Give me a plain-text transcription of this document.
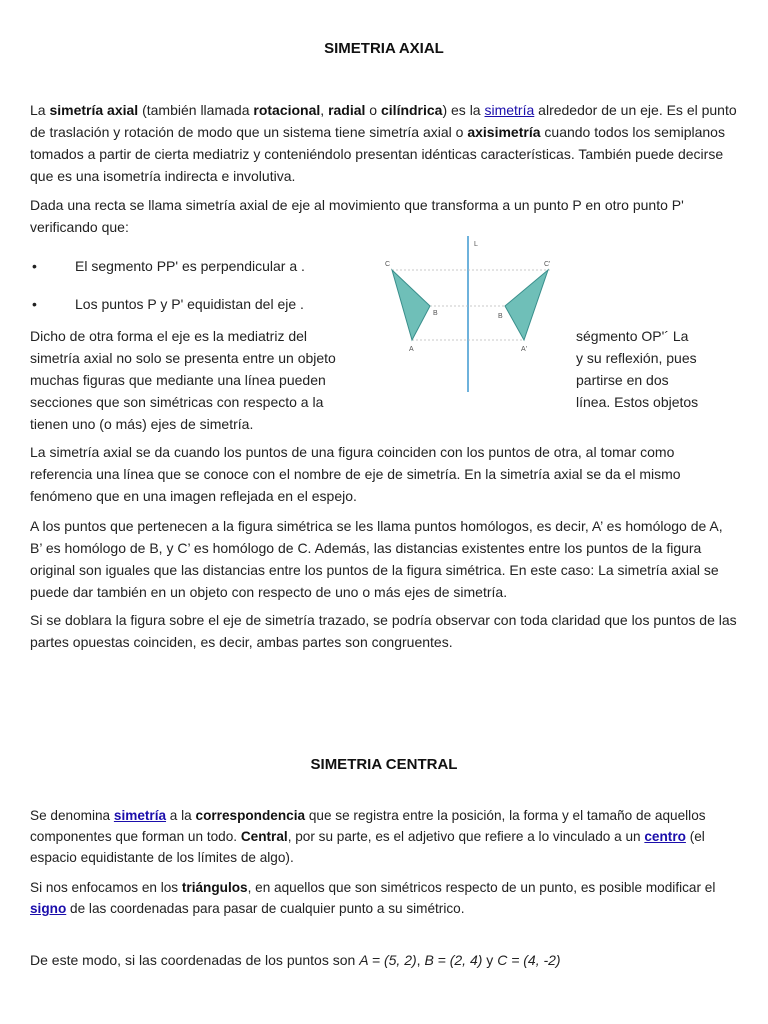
SIMETRIA AXIAL

La simetría axial (también llamada rotacional, radial o cilíndrica) es la simetría alrededor de un eje. Es el punto de traslación y rotación de modo que un sistema tiene simetría axial o axisimetría cuando todos los semiplanos tomados a partir de cierta mediatriz y conteniéndolo presentan idénticas características. También puede decirse que es una isometría indirecta e involutiva.

Dada una recta se llama simetría axial de eje al movimiento que transforma a un punto P en otro punto P' verificando que:

•	El segmento PP' es perpendicular a .
•	Los puntos P y P' equidistan del eje .
Dicho de otra forma el eje es la mediatriz del
simetría axial no solo se presenta entre un objeto
muchas figuras que mediante una línea pueden
secciones que son simétricas con respecto a la
ségmento OP'´ La
y su reflexión, pues
partirse en dos
línea. Estos objetos
tienen uno (o más) ejes de simetría.
L
C
B
A
C'
B
A'

La simetría axial se da cuando los puntos de una figura coinciden con los puntos de otra, al tomar como referencia una línea que se conoce con el nombre de eje de simetría. En la simetría axial se da el mismo fenómeno que en una imagen reflejada en el espejo.

A los puntos que pertenecen a la figura simétrica se les llama puntos homólogos, es decir, A’ es homólogo de A, B’ es homólogo de B, y C’ es homólogo de C. Además, las distancias existentes entre los puntos de la figura original son iguales que las distancias entre los puntos de la figura simétrica. En este caso: La simetría axial se puede dar también en un objeto con respecto de uno o más ejes de simetría.

Si se doblara la figura sobre el eje de simetría trazado, se podría observar con toda claridad que los puntos de las partes opuestas coinciden, es decir, ambas partes son congruentes.

SIMETRIA CENTRAL

Se denomina simetría a la correspondencia que se registra entre la posición, la forma y el tamaño de aquellos componentes que forman un todo. Central, por su parte, es el adjetivo que refiere a lo vinculado a un centro (el espacio equidistante de los límites de algo).

Si nos enfocamos en los triángulos, en aquellos que son simétricos respecto de un punto, es posible modificar el signo de las coordenadas para pasar de cualquier punto a su simétrico.

De este modo, si las coordenadas de los puntos son A = (5, 2), B = (2, 4) y C = (4, -2)
